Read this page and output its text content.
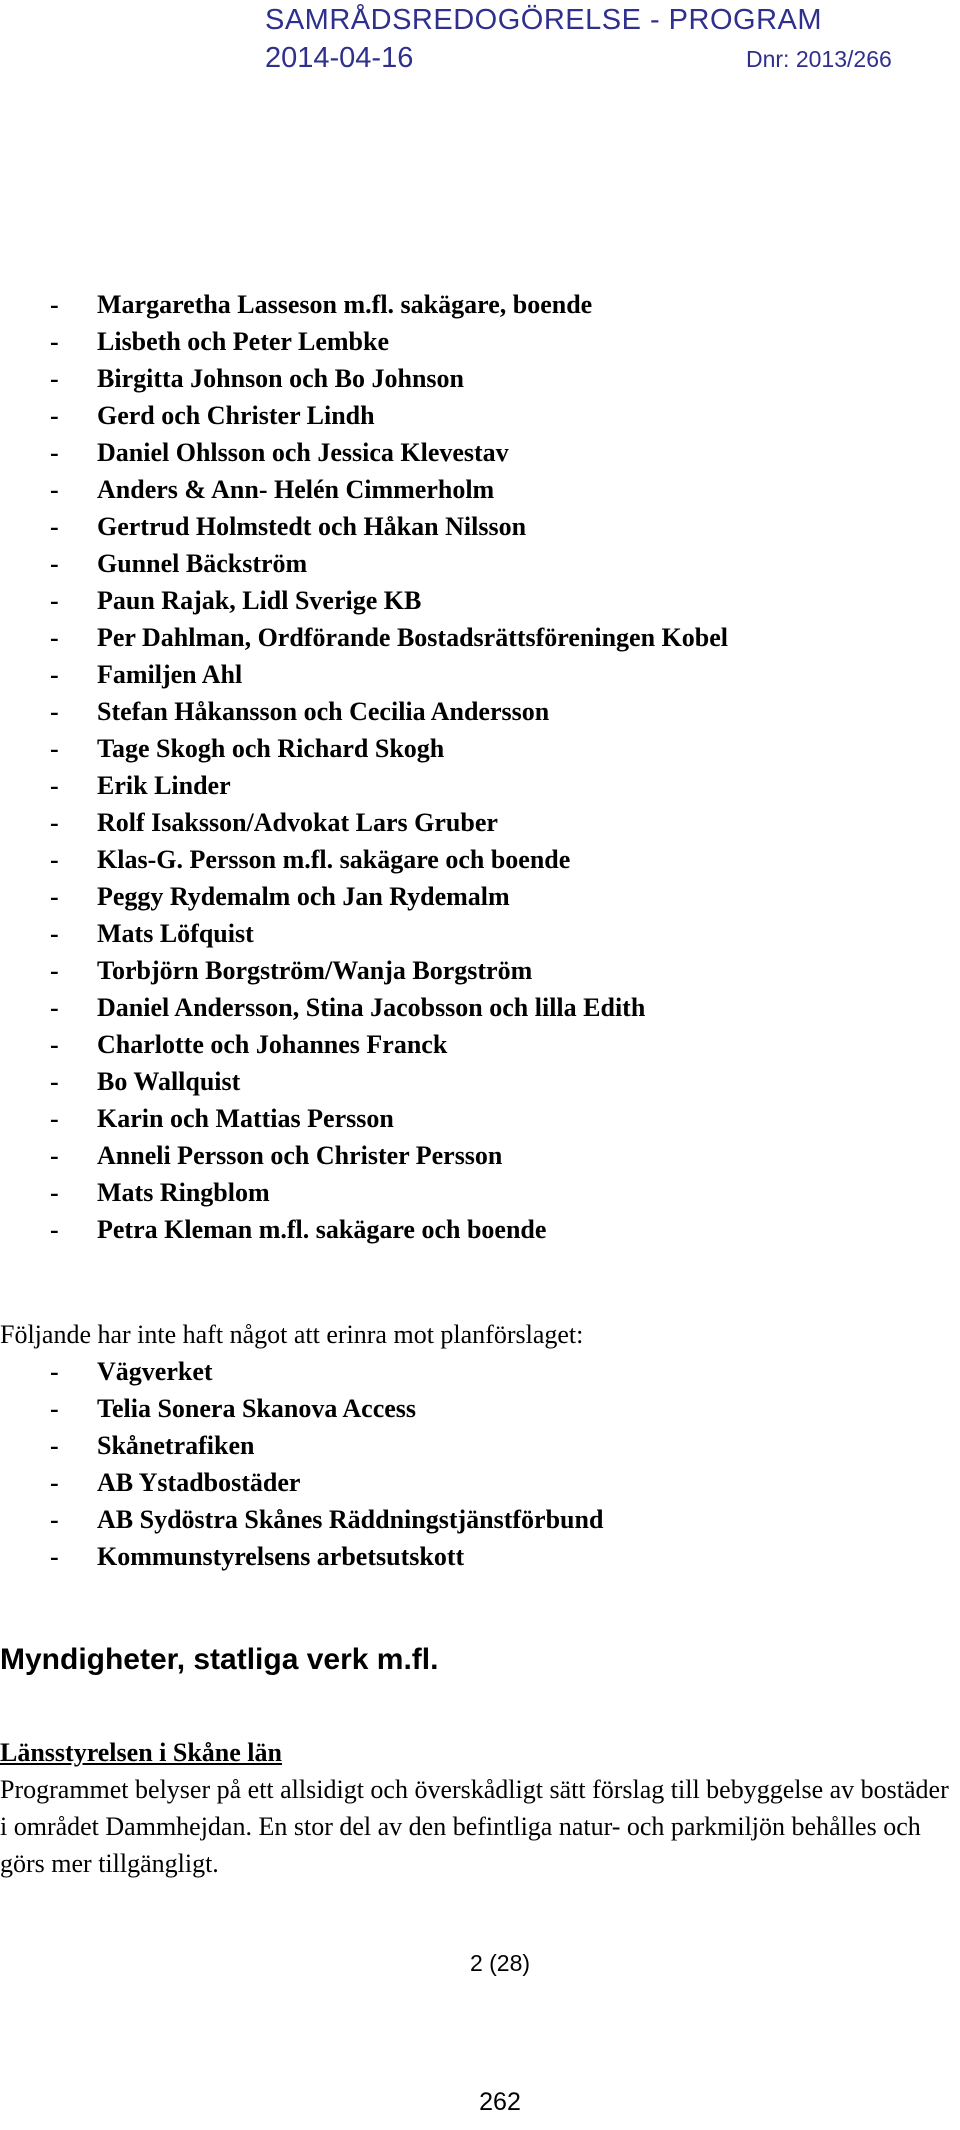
SAMRÅDSREDOGÖRELSE - PROGRAM
2014-04-16	Dnr: 2013/266
- Margaretha Lasseson m.fl. sakägare, boende
- Lisbeth och Peter Lembke
- Birgitta Johnson och Bo Johnson
- Gerd och Christer Lindh
- Daniel Ohlsson och Jessica Klevestav
- Anders & Ann- Helén Cimmerholm
- Gertrud Holmstedt och Håkan Nilsson
- Gunnel Bäckström
- Paun Rajak, Lidl Sverige KB
- Per Dahlman, Ordförande Bostadsrättsföreningen Kobel
- Familjen Ahl
- Stefan Håkansson och Cecilia Andersson
- Tage Skogh och Richard Skogh
- Erik Linder
- Rolf Isaksson/Advokat Lars Gruber
- Klas-G. Persson m.fl. sakägare och boende
- Peggy Rydemalm och Jan Rydemalm
- Mats Löfquist
- Torbjörn Borgström/Wanja Borgström
- Daniel Andersson, Stina Jacobsson och lilla Edith
- Charlotte och Johannes Franck
- Bo Wallquist
- Karin och Mattias Persson
- Anneli Persson och Christer Persson
- Mats Ringblom
- Petra Kleman m.fl. sakägare och boende
Följande har inte haft något att erinra mot planförslaget:
- Vägverket
- Telia Sonera Skanova Access
- Skånetrafiken
- AB Ystadbostäder
- AB Sydöstra Skånes Räddningstjänstförbund
- Kommunstyrelsens arbetsutskott
Myndigheter, statliga verk m.fl.
Länsstyrelsen i Skåne län
Programmet belyser på ett allsidigt och överskådligt sätt förslag till bebyggelse av bostäder i området Dammhejdan. En stor del av den befintliga natur- och parkmiljön behålles och görs mer tillgängligt.
2 (28)
262
